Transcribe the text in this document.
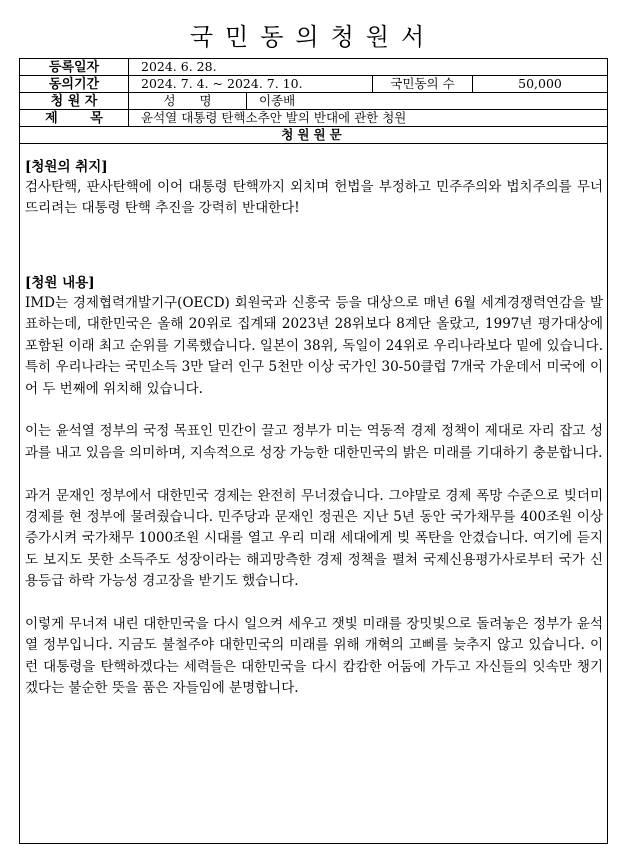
국민동의청원서
등록일자	2024. 6. 28.
동의기간	2024. 7. 4. ~ 2024. 7. 10.	국민동의 수	50,000
청 원 자	성 명	이종배
제 목	윤석열 대통령 탄핵소추안 발의 반대에 관한 청원
청원원문

[청원의 취지]

검사탄핵, 판사탄핵에 이어 대통령 탄핵까지 외치며 헌법을 부정하고 민주주의와 법치주의를 무너뜨리려는 대통령 탄핵 추진을 강력히 반대한다!

[청원 내용]

IMD는 경제협력개발기구(OECD) 회원국과 신흥국 등을 대상으로 매년 6월 세계경쟁력연감을 발표하는데, 대한민국은 올해 20위로 집계돼 2023년 28위보다 8계단 올랐고, 1997년 평가대상에 포함된 이래 최고 순위를 기록했습니다. 일본이 38위, 독일이 24위로 우리나라보다 밑에 있습니다. 특히 우리나라는 국민소득 3만 달러 인구 5천만 이상 국가인 30-50클럽 7개국 가운데서 미국에 이어 두 번째에 위치해 있습니다.

이는 윤석열 정부의 국정 목표인 민간이 끌고 정부가 미는 역동적 경제 정책이 제대로 자리 잡고 성과를 내고 있음을 의미하며, 지속적으로 성장 가능한 대한민국의 밝은 미래를 기대하기 충분합니다.

과거 문재인 정부에서 대한민국 경제는 완전히 무너졌습니다. 그야말로 경제 폭망 수준으로 빚더미 경제를 현 정부에 물려줬습니다. 민주당과 문재인 정권은 지난 5년 동안 국가채무를 400조원 이상 증가시켜 국가채무 1000조원 시대를 열고 우리 미래 세대에게 빚 폭탄을 안겼습니다. 여기에 듣지도 보지도 못한 소득주도 성장이라는 해괴망측한 경제 정책을 펼쳐 국제신용평가사로부터 국가 신용등급 하락 가능성 경고장을 받기도 했습니다.

이렇게 무너져 내린 대한민국을 다시 일으켜 세우고 잿빛 미래를 장밋빛으로 돌려놓은 정부가 윤석열 정부입니다. 지금도 불철주야 대한민국의 미래를 위해 개혁의 고삐를 늦추지 않고 있습니다. 이런 대통령을 탄핵하겠다는 세력들은 대한민국을 다시 캄캄한 어둠에 가두고 자신들의 잇속만 챙기겠다는 불순한 뜻을 품은 자들임에 분명합니다.
